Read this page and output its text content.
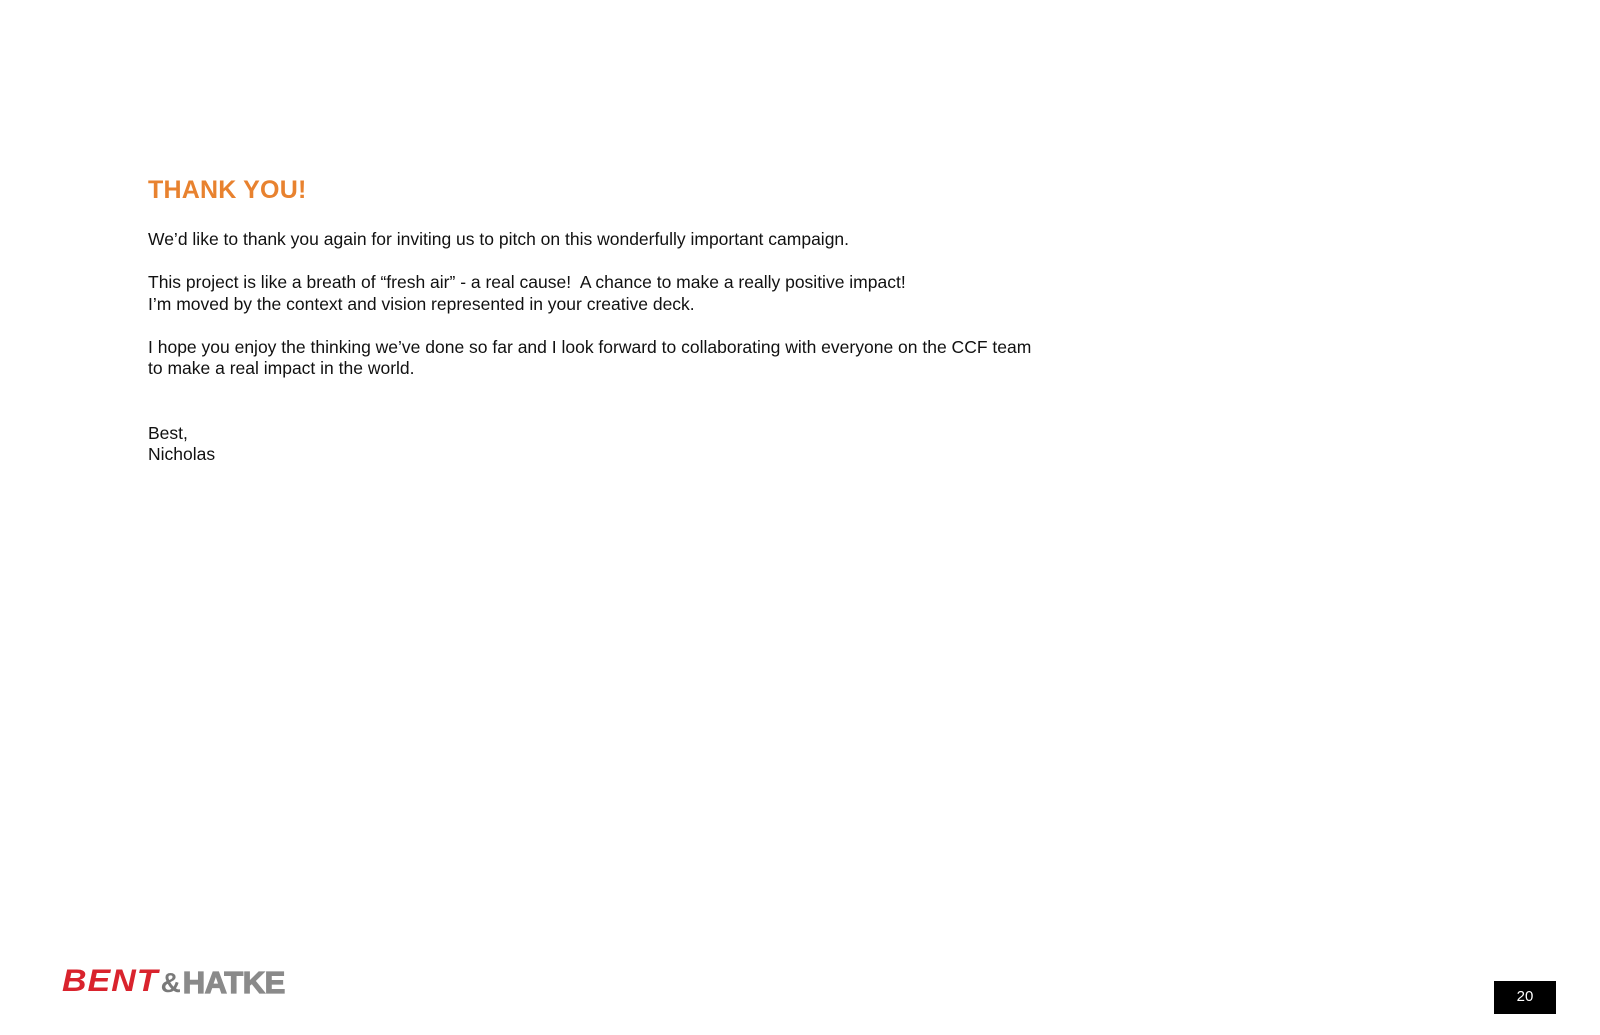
THANK YOU!

We’d like to thank you again for inviting us to pitch on this wonderfully important campaign.

This project is like a breath of “fresh air” - a real cause!  A chance to make a really positive impact!
I’m moved by the context and vision represented in your creative deck.

I hope you enjoy the thinking we’ve done so far and I look forward to collaborating with everyone on the CCF team
to make a real impact in the world.

Best,
Nicholas

BENT & HATKE	20
